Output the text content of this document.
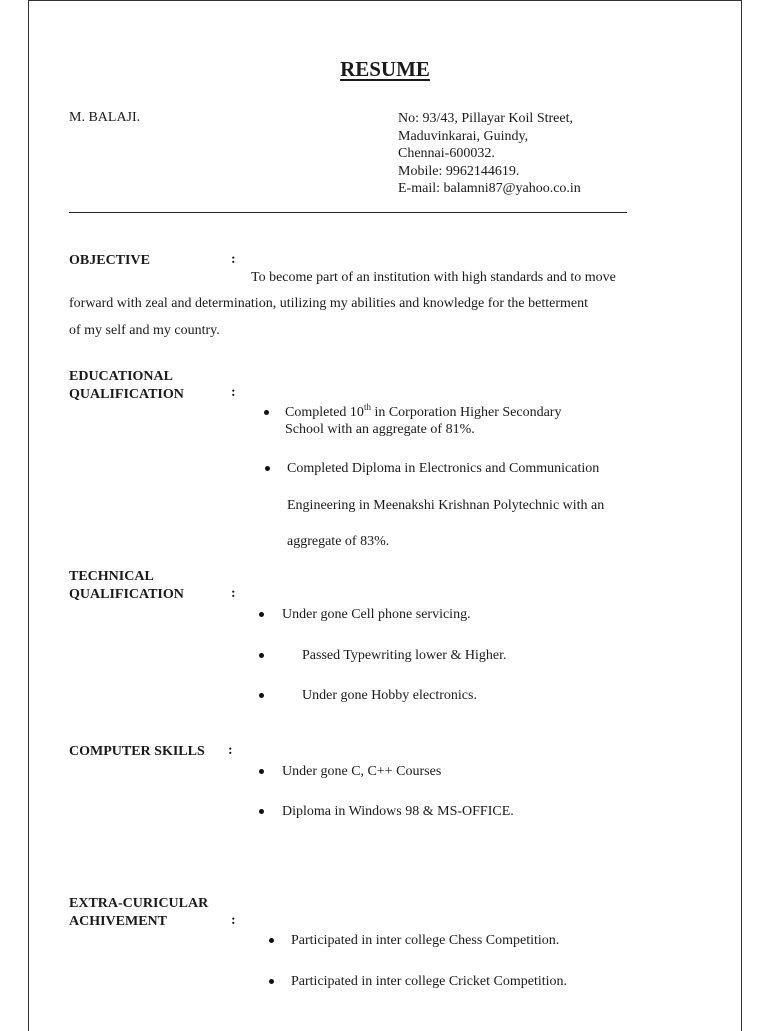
RESUME
M. BALAJI.	No: 93/43, Pillayar Koil Street,
Maduvinkarai, Guindy,
Chennai-600032.
Mobile: 9962144619.
E-mail: balamni87@yahoo.co.in
OBJECTIVE	:
To become part of an institution with high standards and to move
forward with zeal and determination, utilizing my abilities and knowledge for the betterment
of my self and my country.
EDUCATIONAL
QUALIFICATION	:
Completed 10th in Corporation Higher Secondary
School with an aggregate of 81%.
Completed Diploma in Electronics and Communication
Engineering in Meenakshi Krishnan Polytechnic with an
aggregate of 83%.
TECHNICAL
QUALIFICATION	:
Under gone Cell phone servicing.
Passed Typewriting lower & Higher.
Under gone Hobby electronics.
COMPUTER SKILLS :
Under gone C, C++ Courses
Diploma in Windows 98 & MS-OFFICE.
EXTRA-CURICULAR
ACHIVEMENT	:
Participated in inter college Chess Competition.
Participated in inter college Cricket Competition.
